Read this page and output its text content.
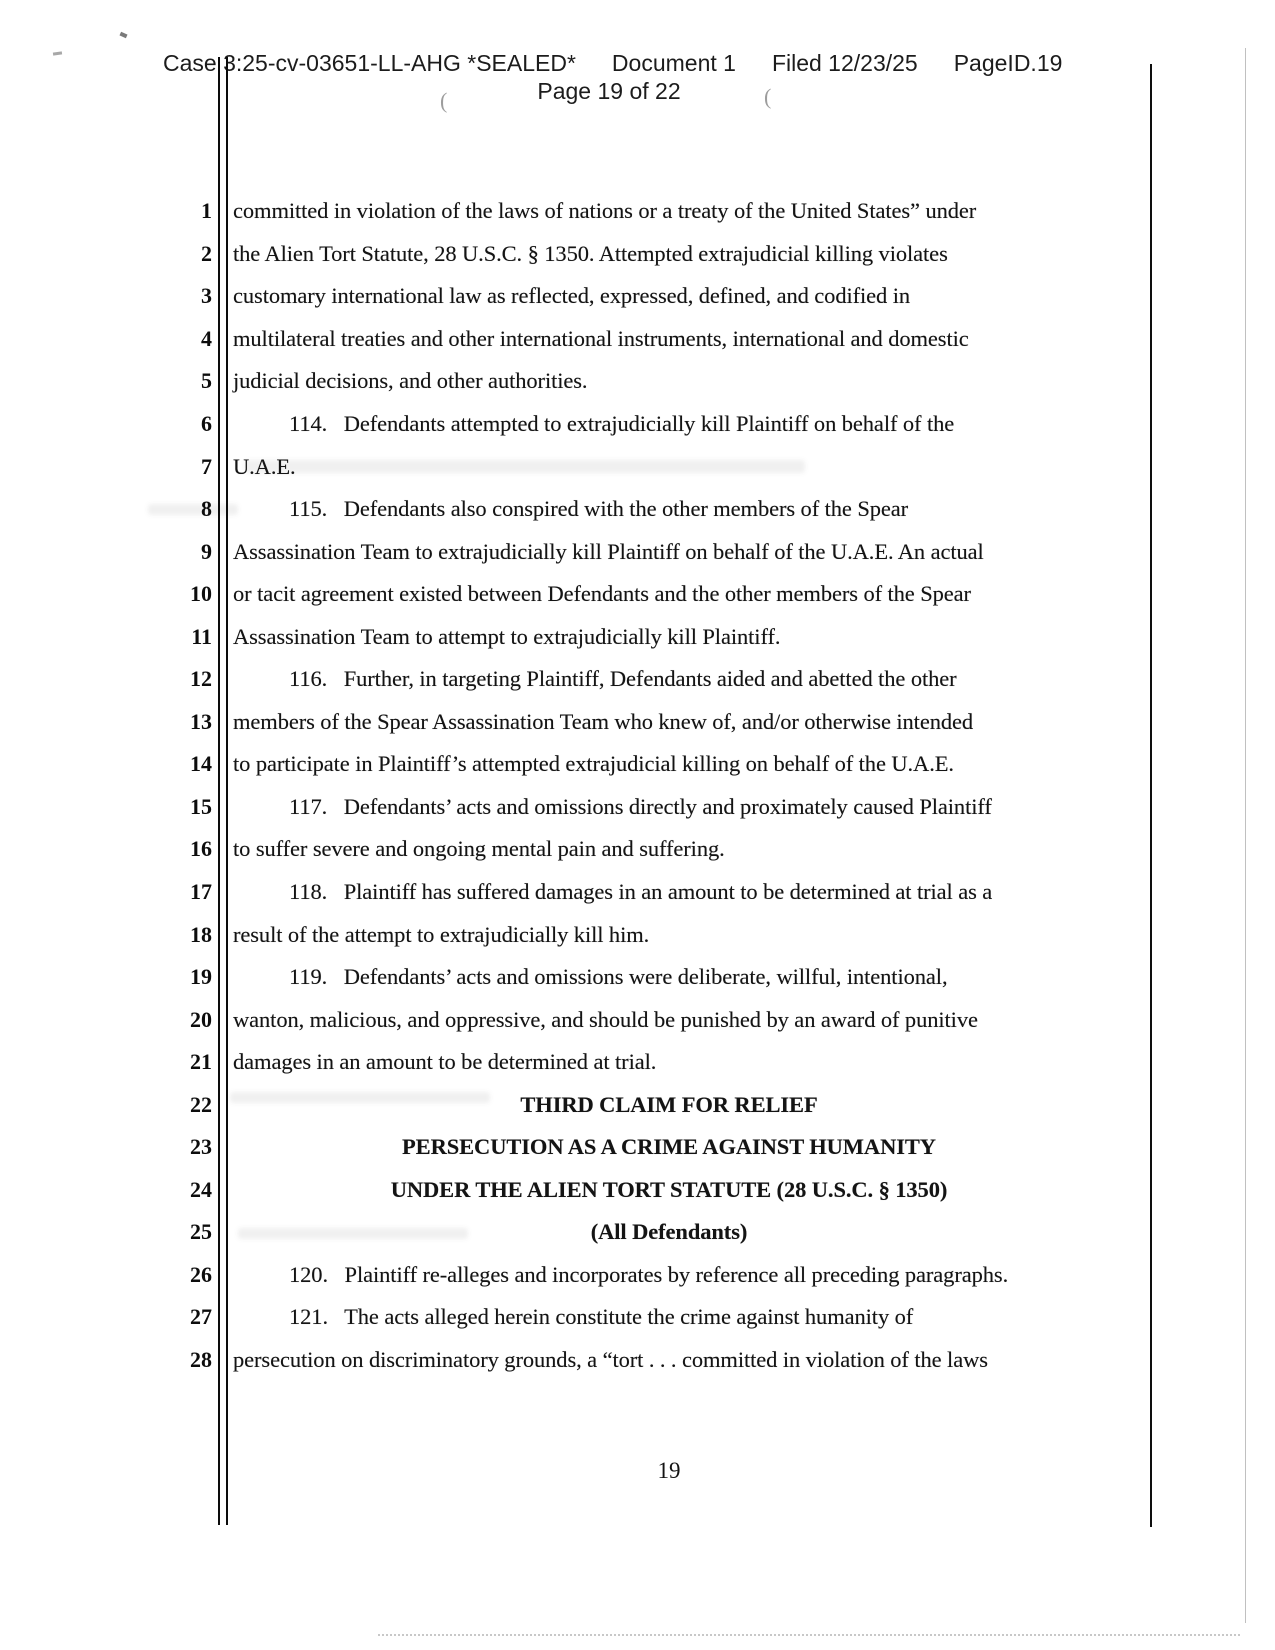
(	(
Case 3:25-cv-03651-LL-AHG *SEALED* Document 1 Filed 12/23/25 PageID.19
Page 19 of 22
1 committed in violation of the laws of nations or a treaty of the United States” under
2 the Alien Tort Statute, 28 U.S.C. § 1350. Attempted extrajudicial killing violates
3 customary international law as reflected, expressed, defined, and codified in
4 multilateral treaties and other international instruments, international and domestic
5 judicial decisions, and other authorities.
6	114.   Defendants attempted to extrajudicially kill Plaintiff on behalf of the
7 U.A.E.
8	115.   Defendants also conspired with the other members of the Spear
9 Assassination Team to extrajudicially kill Plaintiff on behalf of the U.A.E. An actual
10 or tacit agreement existed between Defendants and the other members of the Spear
11 Assassination Team to attempt to extrajudicially kill Plaintiff.
12	116.   Further, in targeting Plaintiff, Defendants aided and abetted the other
13 members of the Spear Assassination Team who knew of, and/or otherwise intended
14 to participate in Plaintiff’s attempted extrajudicial killing on behalf of the U.A.E.
15	117.   Defendants’ acts and omissions directly and proximately caused Plaintiff
16 to suffer severe and ongoing mental pain and suffering.
17	118.   Plaintiff has suffered damages in an amount to be determined at trial as a
18 result of the attempt to extrajudicially kill him.
19	119.   Defendants’ acts and omissions were deliberate, willful, intentional,
20 wanton, malicious, and oppressive, and should be punished by an award of punitive
21 damages in an amount to be determined at trial.
22	THIRD CLAIM FOR RELIEF
23	PERSECUTION AS A CRIME AGAINST HUMANITY
24	UNDER THE ALIEN TORT STATUTE (28 U.S.C. § 1350)
25	(All Defendants)
26	120.   Plaintiff re-alleges and incorporates by reference all preceding paragraphs.
27	121.   The acts alleged herein constitute the crime against humanity of
28 persecution on discriminatory grounds, a “tort . . . committed in violation of the laws
19
